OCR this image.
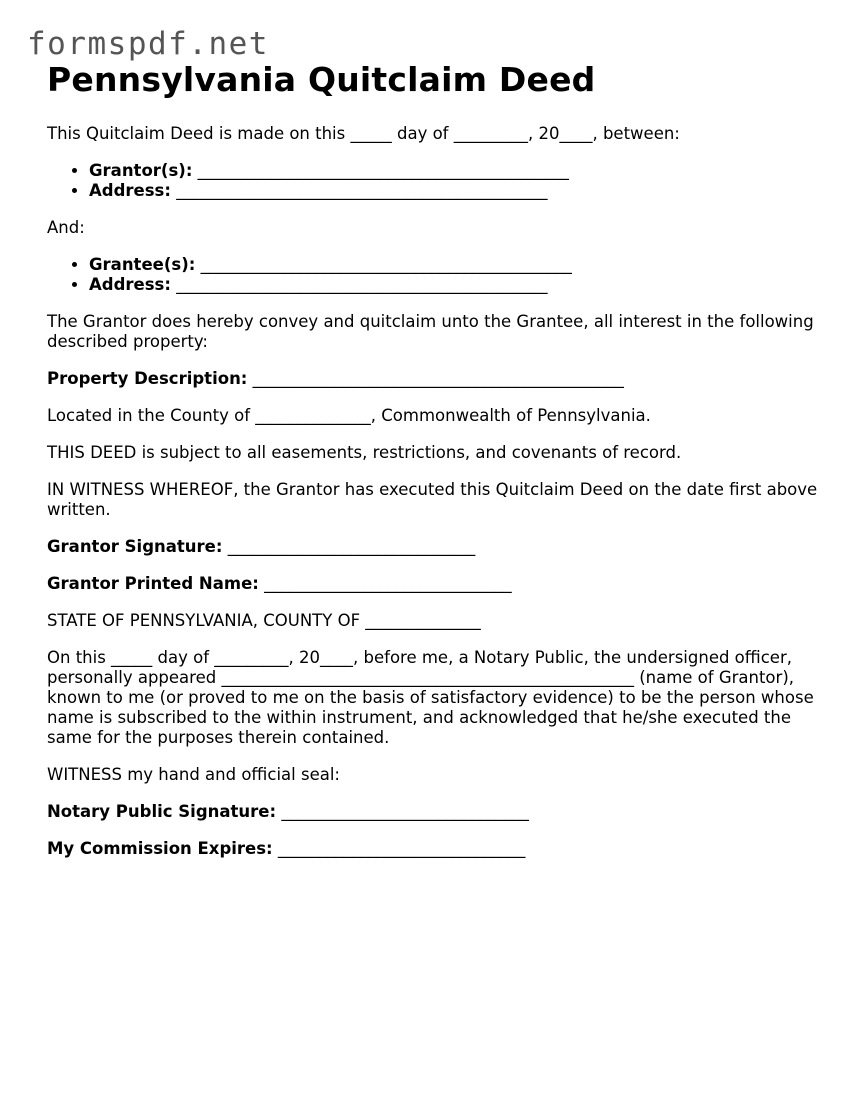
formspdf.net
Pennsylvania Quitclaim Deed

This Quitclaim Deed is made on this _____ day of _________, 20____, between:

• Grantor(s): _____________________________________________
• Address: _____________________________________________

And:

• Grantee(s): _____________________________________________
• Address: _____________________________________________

The Grantor does hereby convey and quitclaim unto the Grantee, all interest in the following described property:

Property Description: _____________________________________________

Located in the County of ______________, Commonwealth of Pennsylvania.

THIS DEED is subject to all easements, restrictions, and covenants of record.

IN WITNESS WHEREOF, the Grantor has executed this Quitclaim Deed on the date first above written.

Grantor Signature: ______________________________

Grantor Printed Name: ______________________________

STATE OF PENNSYLVANIA, COUNTY OF ______________

On this _____ day of _________, 20____, before me, a Notary Public, the undersigned officer, personally appeared __________________________________________________ (name of Grantor), known to me (or proved to me on the basis of satisfactory evidence) to be the person whose name is subscribed to the within instrument, and acknowledged that he/she executed the same for the purposes therein contained.

WITNESS my hand and official seal:

Notary Public Signature: ______________________________

My Commission Expires: ______________________________
